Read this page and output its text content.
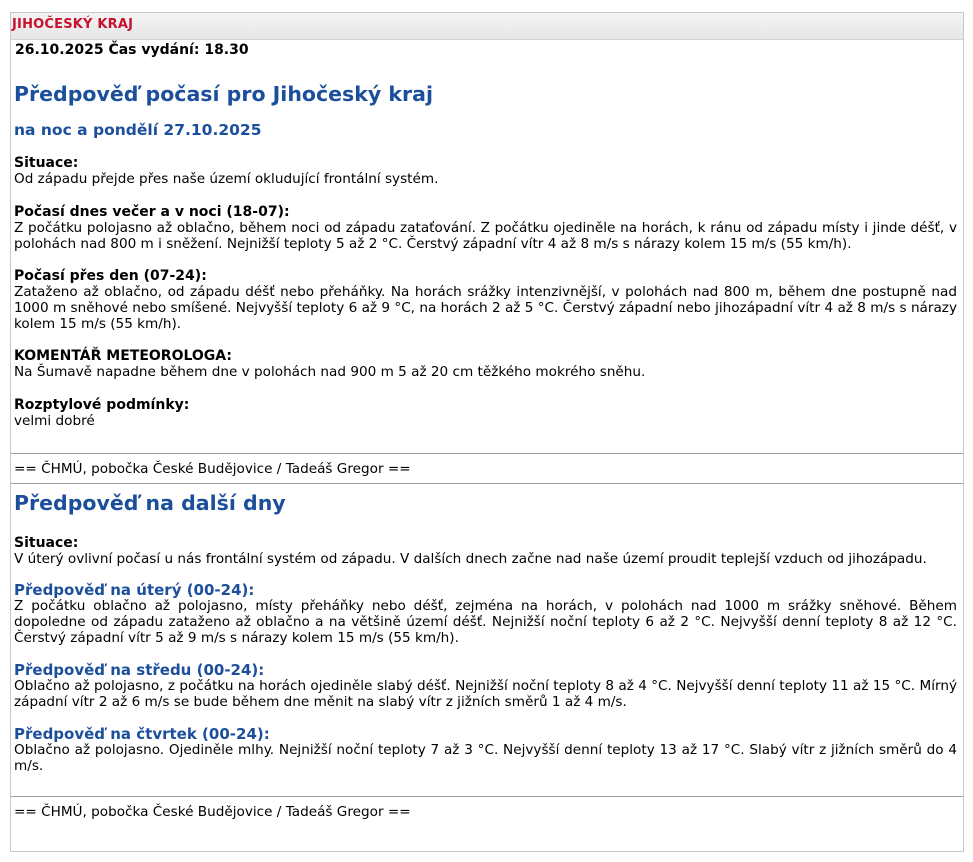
JIHOČESKÝ KRAJ
26.10.2025 Čas vydání: 18.30
Předpověď počasí pro Jihočeský kraj
na noc a pondělí 27.10.2025
Situace:
Od západu přejde přes naše území okludující frontální systém.
Počasí dnes večer a v noci (18-07):
Z počátku polojasno až oblačno, během noci od západu zataťování. Z počátku ojediněle na horách, k ránu od západu místy i jinde déšť, v polohách nad 800 m i sněžení. Nejnižší teploty 5 až 2 °C. Čerstvý západní vítr 4 až 8 m/s s nárazy kolem 15 m/s (55 km/h).
Počasí přes den (07-24):
Zataženo až oblačno, od západu déšť nebo přeháňky. Na horách srážky intenzivnější, v polohách nad 800 m, během dne postupně nad 1000 m sněhové nebo smíšené. Nejvyšší teploty 6 až 9 °C, na horách 2 až 5 °C. Čerstvý západní nebo jihozápadní vítr 4 až 8 m/s s nárazy kolem 15 m/s (55 km/h).
KOMENTÁŘ METEOROLOGA:
Na Šumavě napadne během dne v polohách nad 900 m 5 až 20 cm těžkého mokrého sněhu.
Rozptylové podmínky:
velmi dobré
== ČHMÚ, pobočka České Budějovice / Tadeáš Gregor ==
Předpověď na další dny
Situace:
V úterý ovlivní počasí u nás frontální systém od západu. V dalších dnech začne nad naše území proudit teplejší vzduch od jihozápadu.
Předpověď na úterý (00-24):
Z počátku oblačno až polojasno, místy přeháňky nebo déšť, zejména na horách, v polohách nad 1000 m srážky sněhové. Během dopoledne od západu zataženo až oblačno a na většině území déšť. Nejnižší noční teploty 6 až 2 °C. Nejvyšší denní teploty 8 až 12 °C. Čerstvý západní vítr 5 až 9 m/s s nárazy kolem 15 m/s (55 km/h).
Předpověď na středu (00-24):
Oblačno až polojasno, z počátku na horách ojediněle slabý déšť. Nejnižší noční teploty 8 až 4 °C. Nejvyšší denní teploty 11 až 15 °C. Mírný západní vítr 2 až 6 m/s se bude během dne měnit na slabý vítr z jižních směrů 1 až 4 m/s.
Předpověď na čtvrtek (00-24):
Oblačno až polojasno. Ojediněle mlhy. Nejnižší noční teploty 7 až 3 °C. Nejvyšší denní teploty 13 až 17 °C. Slabý vítr z jižních směrů do 4 m/s.
== ČHMÚ, pobočka České Budějovice / Tadeáš Gregor ==
